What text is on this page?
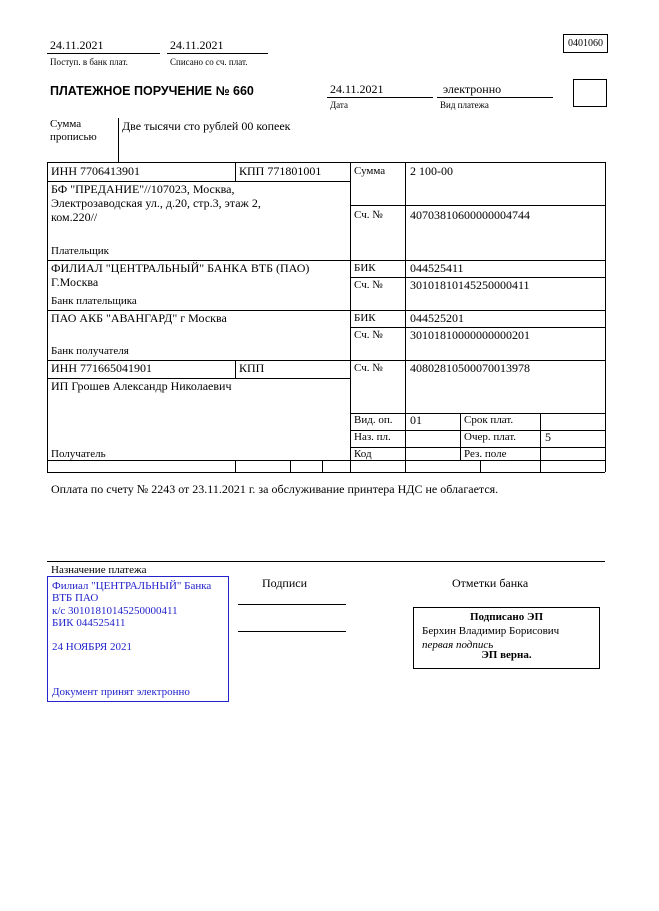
24.11.2021
Поступ. в банк плат.
24.11.2021
Списано со сч. плат.
0401060
ПЛАТЕЖНОЕ ПОРУЧЕНИЕ № 660	24.11.2021
Дата
электронно
Вид платежа
Сумма прописью
Две тысячи сто рублей 00 копеек
ИНН 7706413901	КПП 771801001	Сумма 2 100-00
БФ "ПРЕДАНИЕ"//107023, Москва, Электрозаводская ул., д.20, стр.3, этаж 2, ком.220//	Сч. № 40703810600000004744
Плательщик
ФИЛИАЛ "ЦЕНТРАЛЬНЫЙ" БАНКА ВТБ (ПАО) Г.Москва
БИК	044525411
Сч. № 30101810145250000411
Банк плательщика
ПАО АКБ "АВАНГАРД" г Москва	БИК	044525201
Сч. № 30101810000000000201
Банк получателя
ИНН 771665041901	КПП	Сч. № 40802810500070013978
ИП Грошев Александр Николаевич
Вид. оп. 01	Срок плат.
Наз. пл.	Очер. плат. 5
Получатель	Код	Рез. поле
Оплата по счету № 2243 от 23.11.2021 г. за обслуживание принтера НДС не облагается.
Назначение платежа
Филиал "ЦЕНТРАЛЬНЫЙ" Банка ВТБ ПАО
к/с 30101810145250000411
БИК 044525411
24 НОЯБРЯ 2021
Документ принят электронно
Подписи	Отметки банка
Подписано ЭП
Берхин Владимир Борисович
первая подпись
ЭП верна.
